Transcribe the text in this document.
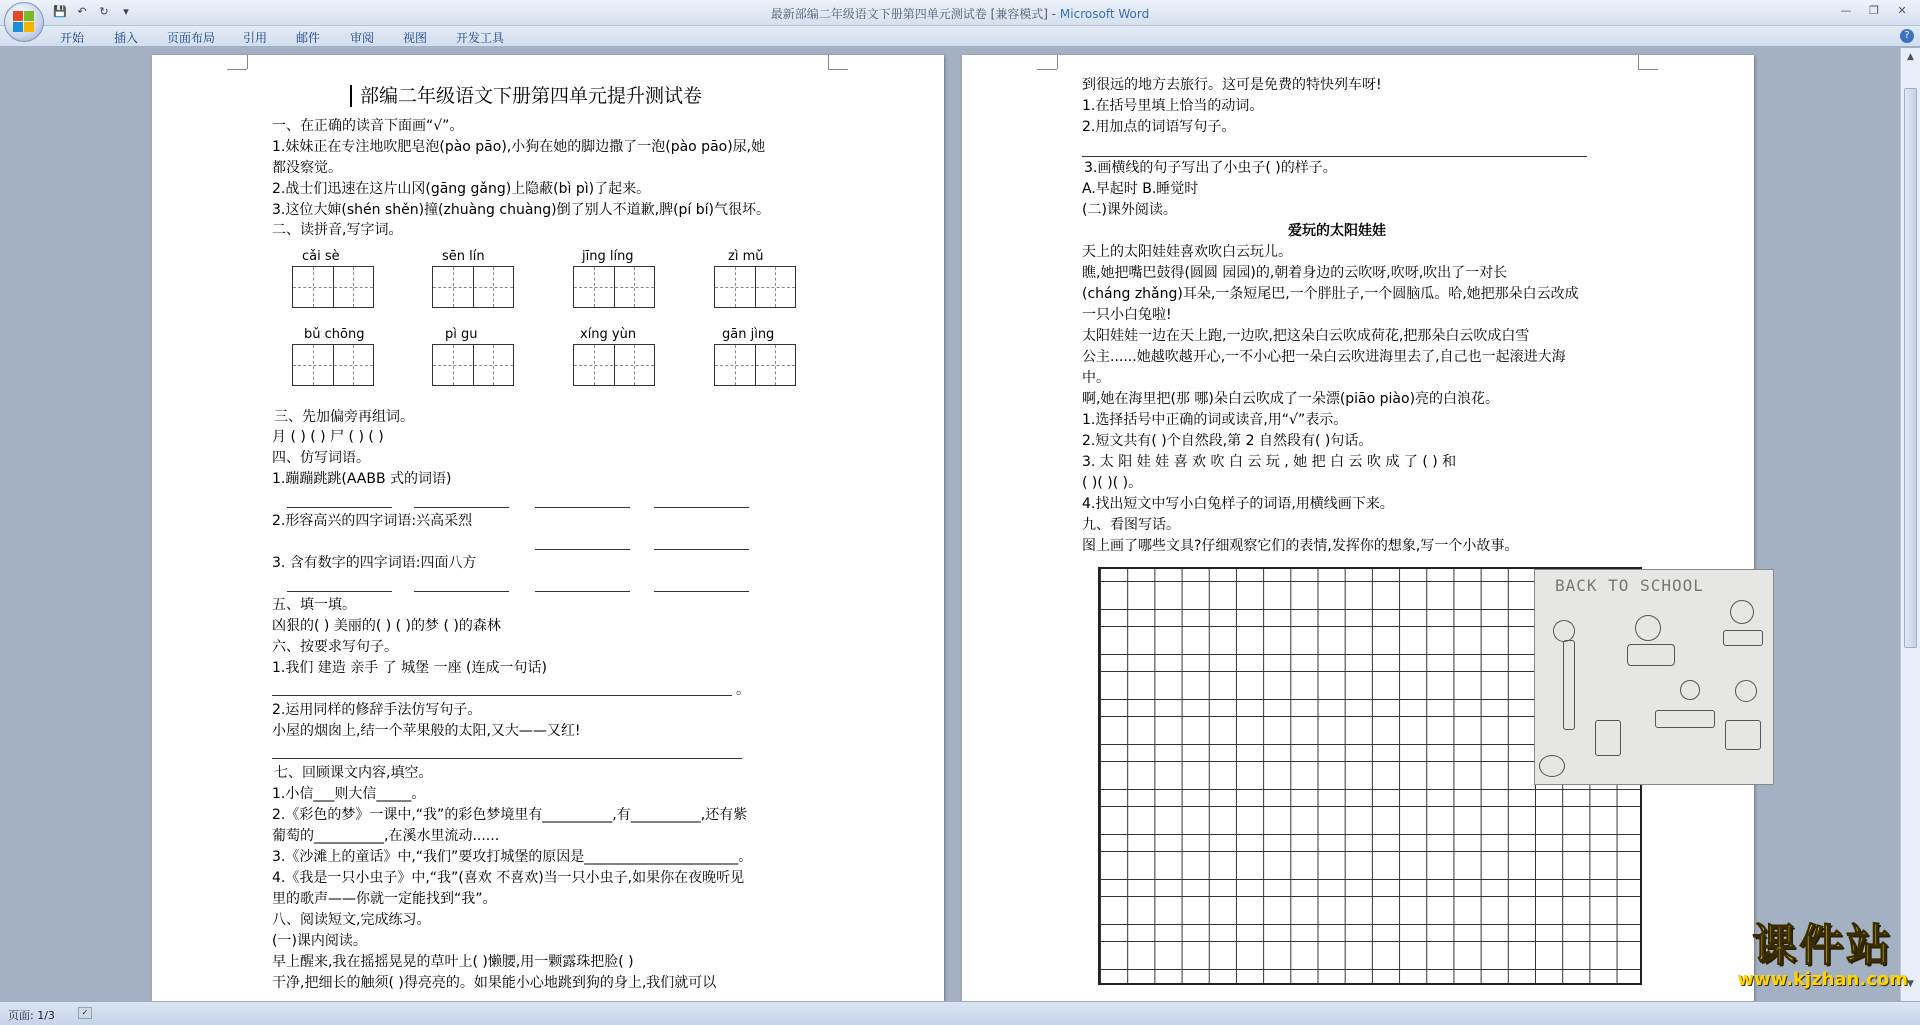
💾 ↶	↻	▾	最新部编二年级语文下册第四单元测试卷 [兼容模式] - Microsoft Word	—	❐	✕
开始 插入 页面布局 引用 邮件 审阅 视图 开发工具	?
部编二年级语文下册第四单元提升测试卷
一、在正确的读音下面画“√”。
1.妹妹正在专注地吹肥皂泡(pào pāo),小狗在她的脚边撒了一泡(pào pāo)尿,她
都没察觉。
2.战士们迅速在这片山冈(gāng gǎng)上隐蔽(bì pì)了起来。
3.这位大婶(shén shěn)撞(zhuàng chuàng)倒了别人不道歉,脾(pí bí)气很坏。
二、读拼音,写字词。
cǎi sè	sēn lín	jīng líng	zì mǔ
bǔ chōng	pì gu	xíng yùn	gān jìng
三、先加偏旁再组词。
月 ( ) ( ) 尸 ( ) ( )
四、仿写词语。
1.蹦蹦跳跳(AABB 式的词语)
2.形容高兴的四字词语:兴高采烈
3. 含有数字的四字词语:四面八方
五、填一填。
凶狠的( ) 美丽的( ) ( )的梦 ( )的森林
六、按要求写句子。
1.我们 建造 亲手 了 城堡 一座 (连成一句话)
。
2.运用同样的修辞手法仿写句子。
小屋的烟囱上,结一个苹果般的太阳,又大——又红!
七、回顾课文内容,填空。
1.小信___则大信_____。
2.《彩色的梦》一课中,“我”的彩色梦境里有__________,有__________,还有紫
葡萄的__________,在溪水里流动......
3.《沙滩上的童话》中,“我们”要攻打城堡的原因是______________________。
4.《我是一只小虫子》中,“我”(喜欢 不喜欢)当一只小虫子,如果你在夜晚听见
里的歌声——你就一定能找到“我”。
八、阅读短文,完成练习。
(一)课内阅读。
早上醒来,我在摇摇晃晃的草叶上( )懒腰,用一颗露珠把脸( )
干净,把细长的触须( )得亮亮的。如果能小心地跳到狗的身上,我们就可以
到很远的地方去旅行。这可是免费的特快列车呀!
1.在括号里填上恰当的动词。
2.用加点的词语写句子。
3.画横线的句子写出了小虫子( )的样子。
A.早起时 B.睡觉时
(二)课外阅读。
爱玩的太阳娃娃
天上的太阳娃娃喜欢吹白云玩儿。
瞧,她把嘴巴鼓得(圆圆 园园)的,朝着身边的云吹呀,吹呀,吹出了一对长
(cháng zhǎng)耳朵,一条短尾巴,一个胖肚子,一个圆脑瓜。哈,她把那朵白云改成
一只小白兔啦!
太阳娃娃一边在天上跑,一边吹,把这朵白云吹成荷花,把那朵白云吹成白雪
公主......她越吹越开心,一不小心把一朵白云吹进海里去了,自己也一起滚进大海
中。
啊,她在海里把(那 哪)朵白云吹成了一朵漂(piāo piào)亮的白浪花。
1.选择括号中正确的词或读音,用“√”表示。
2.短文共有( )个自然段,第 2 自然段有( )句话。
3. 太 阳 娃 娃 喜 欢 吹 白 云 玩 , 她 把 白 云 吹 成 了 ( ) 和
( )( )( )。
4.找出短文中写小白兔样子的词语,用横线画下来。
九、看图写话。
图上画了哪些文具?仔细观察它们的表情,发挥你的想象,写一个小故事。
BACK TO SCHOOL
▲
▼
页面: 1/3	✓
课件站
www.kjzhan.com
